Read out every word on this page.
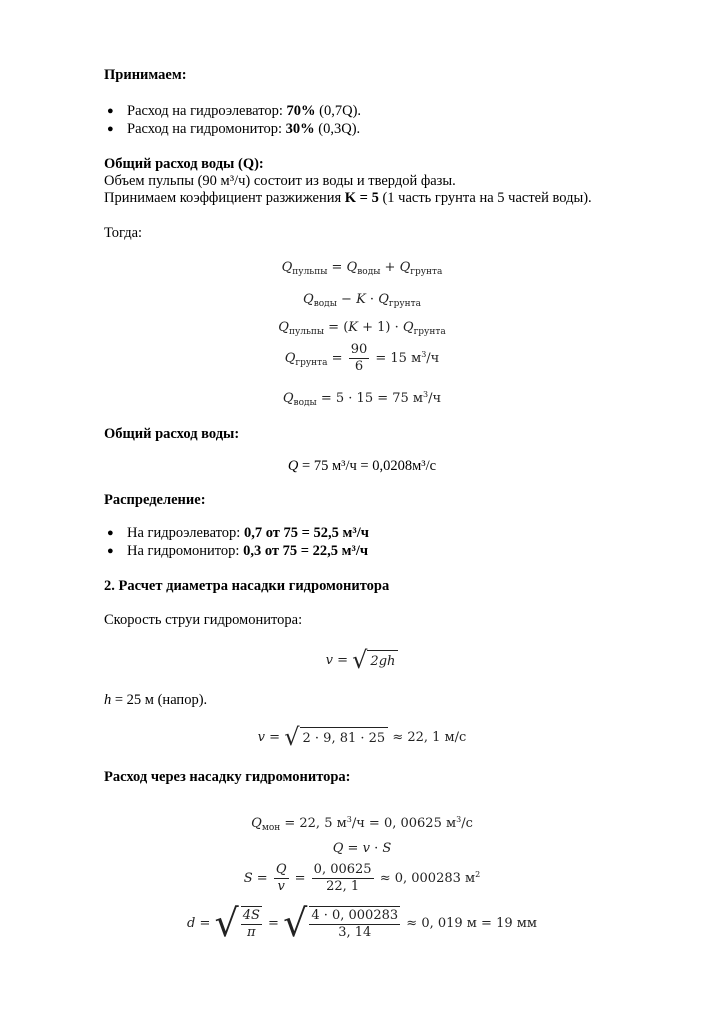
Принимаем:
● Расход на гидроэлеватор: 70% (0,7Q).
● Расход на гидромонитор: 30% (0,3Q).
Общий расход воды (Q):
Объем пульпы (90 м³/ч) состоит из воды и твердой фазы.
Принимаем коэффициент разжижения K = 5 (1 часть грунта на 5 частей воды).
Тогда:
$Q_{пульпы} = Q_{воды} + Q_{грунта}$
$Q_{воды} - K \cdot Q_{грунта}$
$Q_{пульпы} = (K + 1) \cdot Q_{грунта}$
$Q_{грунта} = \frac{90}{6} = 15$ $м^3/ч$
$Q_{воды} = 5 \cdot 15 = 75$ $м^3/ч$
Общий расход воды:
Q = 75 м³/ч = 0,0208м³/с
Распределение:
● На гидроэлеватор: 0,7 от 75 = 52,5 м³/ч
● На гидромонитор: 0,3 от 75 = 22,5 м³/ч
2. Расчет диаметра насадки гидромонитора
Скорость струи гидромонитора:
v = √ 2gh
h = 25 м (напор).
v = √ 2 · 9, 81 · 25 ≈ 22, 1 м/с
Расход через насадку гидромонитора:
$Q_{мон} = 22$, 5 $м^3/ч = 0$, 00625 $м^3/с$
Q = v · S
$S = \frac{Q}{v} = \frac{0, 00625}{22, 1} \approx 0$, 000283 $м^2$
d = √ $\frac{4S}{\pi}$ = √ $\frac{4 \cdot 0, 000283}{3, 14} \approx 0$, 019 м = 19 мм
